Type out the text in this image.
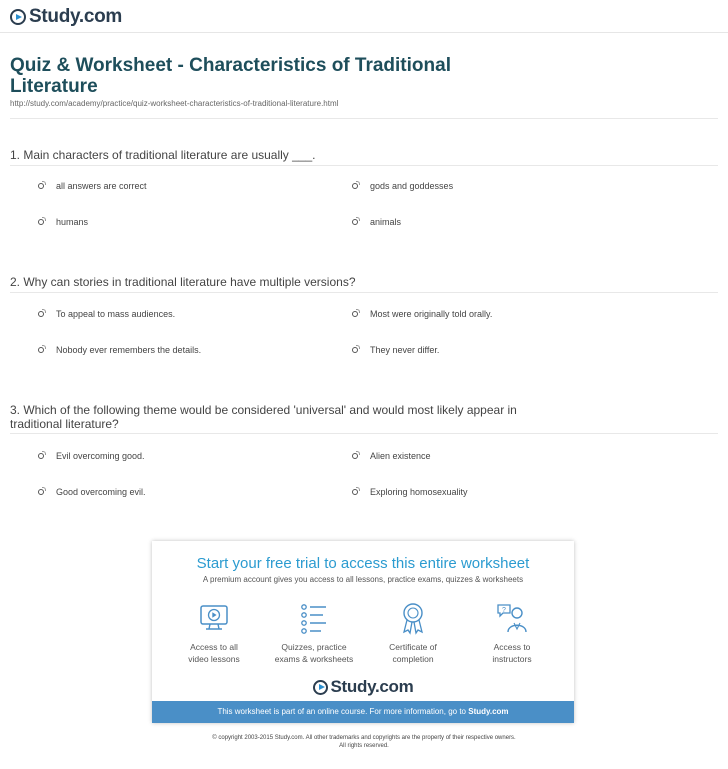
Study.com
Quiz & Worksheet - Characteristics of Traditional Literature
http://study.com/academy/practice/quiz-worksheet-characteristics-of-traditional-literature.html
1. Main characters of traditional literature are usually ___.
all answers are correct	gods and goddesses
humans	animals
2. Why can stories in traditional literature have multiple versions?
To appeal to mass audiences.	Most were originally told orally.
Nobody ever remembers the details.	They never differ.
3. Which of the following theme would be considered 'universal' and would most likely appear in traditional literature?
Evil overcoming good.	Alien existence
Good overcoming evil.	Exploring homosexuality
Start your free trial to access this entire worksheet
A premium account gives you access to all lessons, practice exams, quizzes & worksheets
Access to all
video lessons
Quizzes, practice
exams & worksheets
Certificate of
completion
?
Access to
instructors
Study.com
This worksheet is part of an online course. For more information, go to Study.com
© copyright 2003-2015 Study.com. All other trademarks and copyrights are the property of their respective owners.
All rights reserved.
